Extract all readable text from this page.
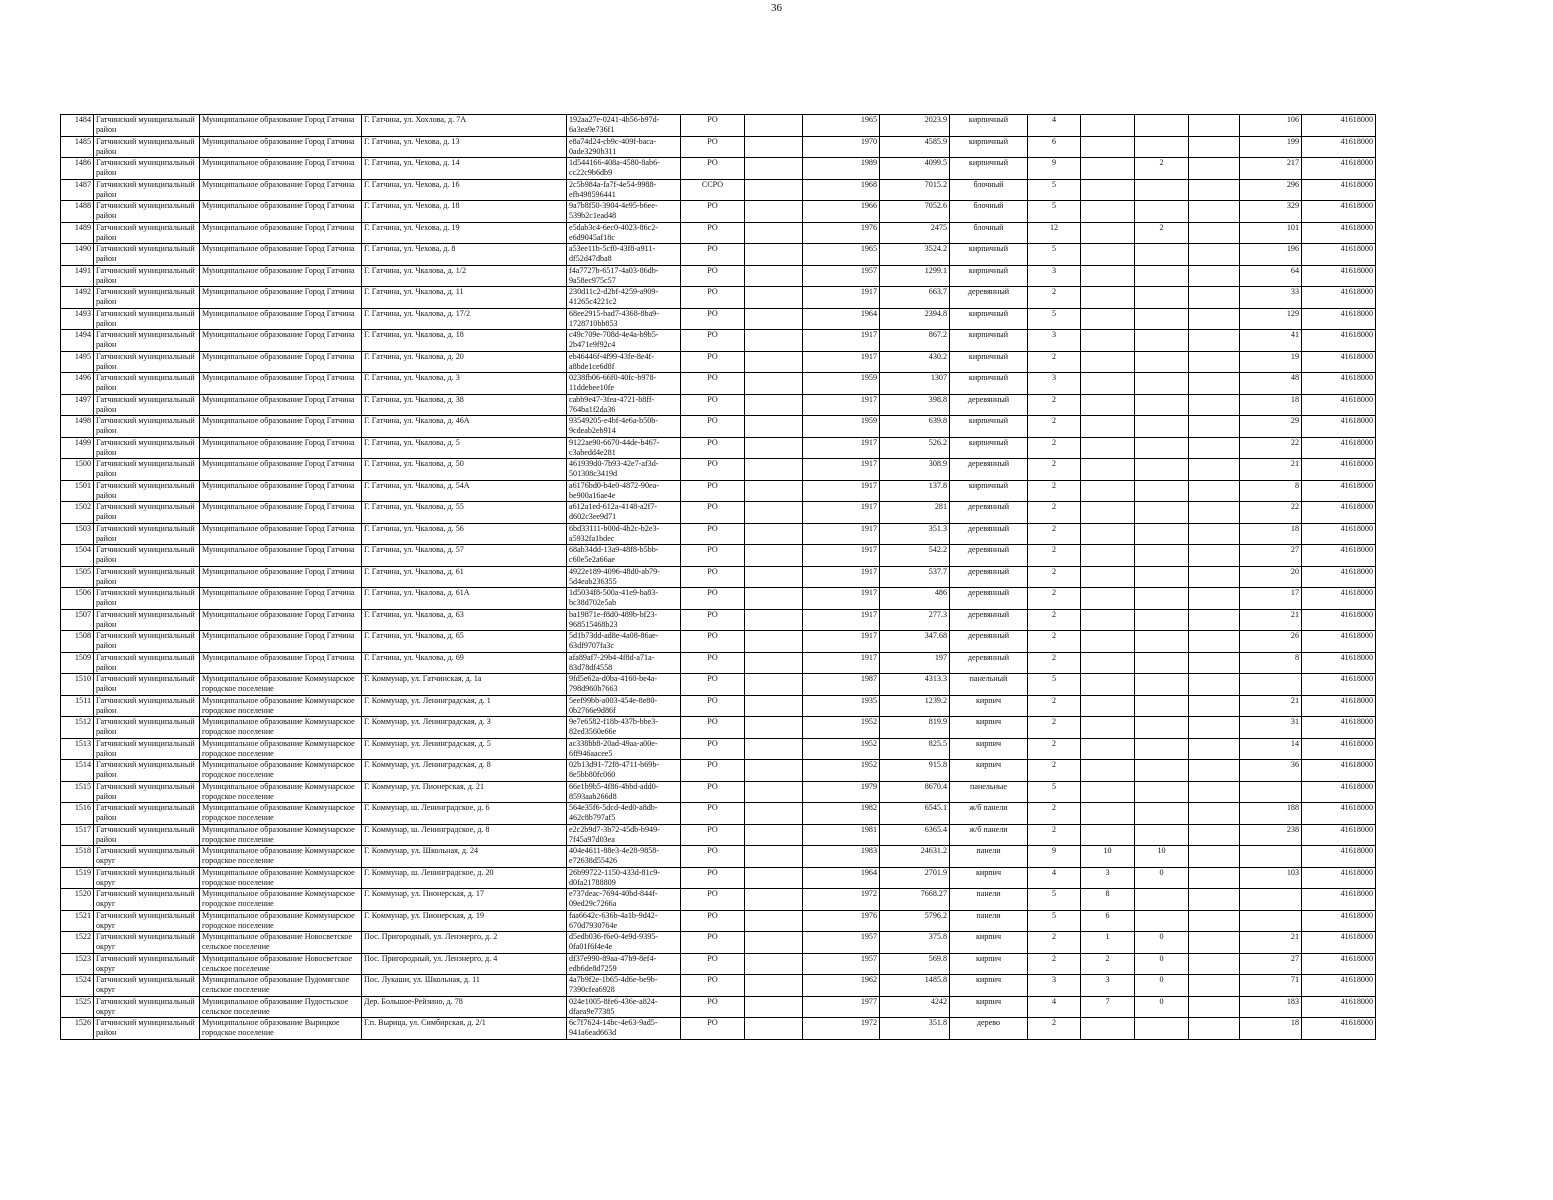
36
1484	Гатчинский муниципальный район	Муниципальное образование Город Гатчина	Г. Гатчина, ул. Хохлова, д. 7А	192aa27e-0241-4b56-b97d-6a3ea9e736f1	РО		1965	2023.9	кирпичный	4				106	41618000
1485	Гатчинский муниципальный район	Муниципальное образование Город Гатчина	Г. Гатчина, ул. Чехова, д. 13	e8a74d24-cb9c-409f-baca-0ade3290b311	РО		1970	4585.9	кирпичный	6				199	41618000
1486	Гатчинский муниципальный район	Муниципальное образование Город Гатчина	Г. Гатчина, ул. Чехова, д. 14	1d544166-408a-4580-8ab6-cc22c9b6db9	РО		1989	4099.5	кирпичный	9		2		217	41618000
1487	Гатчинский муниципальный район	Муниципальное образование Город Гатчина	Г. Гатчина, ул. Чехова, д. 16	2c5b984a-fa7f-4e54-9988-efb498596441	ССРО		1968	7015.2	блочный	5				296	41618000
1488	Гатчинский муниципальный район	Муниципальное образование Город Гатчина	Г. Гатчина, ул. Чехова, д. 18	9a7b8f50-3904-4e95-b6ee-539b2c1ead48	РО		1966	7052.6	блочный	5				329	41618000
1489	Гатчинский муниципальный район	Муниципальное образование Город Гатчина	Г. Гатчина, ул. Чехова, д. 19	e5dab3c4-6ec0-4023-86c2-e6d9045af18c	РО		1976	2475	блочный	12		2		101	41618000
1490	Гатчинский муниципальный район	Муниципальное образование Город Гатчина	Г. Гатчина, ул. Чехова, д. 8	a53ee11b-5cf0-43f8-a911-df52d47dba8	РО		1965	3524.2	кирпичный	5				196	41618000
1491	Гатчинский муниципальный район	Муниципальное образование Город Гатчина	Г. Гатчина, ул. Чкалова, д. 1/2	f4a7727b-6517-4a03-86db-9a58ec975c57	РО		1957	1299.1	кирпичный	3				64	41618000
1492	Гатчинский муниципальный район	Муниципальное образование Город Гатчина	Г. Гатчина, ул. Чкалова, д. 11	230d11c2-d2bf-4259-a909-41265c4221c2	РО		1917	663.7	деревянный	2				33	41618000
1493	Гатчинский муниципальный район	Муниципальное образование Город Гатчина	Г. Гатчина, ул. Чкалова, д. 17/2	68ee2915-bad7-4368-8ba9-1728710bb853	РО		1964	2394.8	кирпичный	5				129	41618000
1494	Гатчинский муниципальный район	Муниципальное образование Город Гатчина	Г. Гатчина, ул. Чкалова, д. 18	c49c709e-708d-4e4a-b9b5-2b471e9f92c4	РО		1917	867.2	кирпичный	3				41	41618000
1495	Гатчинский муниципальный район	Муниципальное образование Город Гатчина	Г. Гатчина, ул. Чкалова, д. 20	eb46446f-4f99-43fe-8e4f-a8bde1ce6d8f	РО		1917	430.2	кирпичный	2				19	41618000
1496	Гатчинский муниципальный район	Муниципальное образование Город Гатчина	Г. Гатчина, ул. Чкалова, д. 3	0238fb06-66f0-40fc-b978-11ddebee10fe	РО		1959	1307	кирпичный	3				48	41618000
1497	Гатчинский муниципальный район	Муниципальное образование Город Гатчина	Г. Гатчина, ул. Чкалова, д. 38	cabb9e47-3fea-4721-b8ff-764ba1f2da36	РО		1917	398.8	деревянный	2				18	41618000
1498	Гатчинский муниципальный район	Муниципальное образование Город Гатчина	Г. Гатчина, ул. Чкалова, д. 46А	93549205-e4bf-4e6a-b50b-9cdeab2eb914	РО		1959	639.8	кирпичный	2				29	41618000
1499	Гатчинский муниципальный район	Муниципальное образование Город Гатчина	Г. Гатчина, ул. Чкалова, д. 5	9122ae90-6670-44de-b467-c3abedd4e281	РО		1917	526.2	кирпичный	2				22	41618000
1500	Гатчинский муниципальный район	Муниципальное образование Город Гатчина	Г. Гатчина, ул. Чкалова, д. 50	461939d0-7b93-42e7-af3d-501308c3419d	РО		1917	308.9	деревянный	2				21	41618000
1501	Гатчинский муниципальный район	Муниципальное образование Город Гатчина	Г. Гатчина, ул. Чкалова, д. 54А	a6176bd0-b4e0-4872-90ea-be900a16ae4e	РО		1917	137.8	кирпичный	2				8	41618000
1502	Гатчинский муниципальный район	Муниципальное образование Город Гатчина	Г. Гатчина, ул. Чкалова, д. 55	a612a1ed-612a-4148-a2f7-d602c3ee9d71	РО		1917	281	деревянный	2				22	41618000
1503	Гатчинский муниципальный район	Муниципальное образование Город Гатчина	Г. Гатчина, ул. Чкалова, д. 56	6bd33111-b00d-4b2c-b2e3-a5932fa1bdec	РО		1917	351.3	деревянный	2				18	41618000
1504	Гатчинский муниципальный район	Муниципальное образование Город Гатчина	Г. Гатчина, ул. Чкалова, д. 57	68ab34dd-13a9-48f8-b5bb-c60e5e2a66ae	РО		1917	542.2	деревянный	2				27	41618000
1505	Гатчинский муниципальный район	Муниципальное образование Город Гатчина	Г. Гатчина, ул. Чкалова, д. 61	4922e189-4096-48d0-ab79-5d4eab236355	РО		1917	537.7	деревянный	2				20	41618000
1506	Гатчинский муниципальный район	Муниципальное образование Город Гатчина	Г. Гатчина, ул. Чкалова, д. 61А	1d5034f8-500a-41e9-ba83-bc38d702e5ab	РО		1917	486	деревянный	2				17	41618000
1507	Гатчинский муниципальный район	Муниципальное образование Город Гатчина	Г. Гатчина, ул. Чкалова, д. 63	ba19871e-f8d0-489b-bf23-968515468b23	РО		1917	277.3	деревянный	2				21	41618000
1508	Гатчинский муниципальный район	Муниципальное образование Город Гатчина	Г. Гатчина, ул. Чкалова, д. 65	5d1b73dd-ad8e-4a08-86ae-63df9707fa3c	РО		1917	347.68	деревянный	2				26	41618000
1509	Гатчинский муниципальный район	Муниципальное образование Город Гатчина	Г. Гатчина, ул. Чкалова, д. 69	afa89af7-29b4-4f8d-a71a-83d78df4558	РО		1917	197	деревянный	2				8	41618000
1510	Гатчинский муниципальный район	Муниципальное образование Коммунарское городское поселение	Г. Коммунар, ул. Гатчинская, д. 1а	9fd5e62a-d0ba-4160-be4a-798d960b7663	РО		1987	4313.3	панельный	5					41618000
1511	Гатчинский муниципальный район	Муниципальное образование Коммунарское городское поселение	Г. Коммунар, ул. Ленинградская, д. 1	5eef99bb-a003-454e-8e80-0b2766e9d86f	РО		1935	1239.2	кирпич	2				21	41618000
1512	Гатчинский муниципальный район	Муниципальное образование Коммунарское городское поселение	Г. Коммунар, ул. Ленинградская, д. 3	9e7e6582-f18b-437b-bbe3-82ed3560e66e	РО		1952	819.9	кирпич	2				31	41618000
1513	Гатчинский муниципальный район	Муниципальное образование Коммунарское городское поселение	Г. Коммунар, ул. Ленинградская, д. 5	ac338bb8-20ad-49aa-a00e-6ff946aacee5	РО		1952	825.5	кирпич	2				14	41618000
1514	Гатчинский муниципальный район	Муниципальное образование Коммунарское городское поселение	Г. Коммунар, ул. Ленинградская, д. 8	02b13d91-72f8-4711-b69b-8e5bb80fc060	РО		1952	915.8	кирпич	2				36	41618000
1515	Гатчинский муниципальный район	Муниципальное образование Коммунарское городское поселение	Г. Коммунар, ул. Пионерская, д. 21	66e1b9b5-4f86-4bbd-add0-8593aab266d8	РО		1979	8670.4	панельные	5					41618000
1516	Гатчинский муниципальный район	Муниципальное образование Коммунарское городское поселение	Г. Коммунар, ш. Ленинградское, д. 6	564e35f6-5dcd-4ed0-a8db-462c8b797af5	РО		1982	6545.1	ж/б панели	2				188	41618000
1517	Гатчинский муниципальный район	Муниципальное образование Коммунарское городское поселение	Г. Коммунар, ш. Ленинградское, д. 8	e2c2b9d7-3b72-45db-b949-7f45a97d03ea	РО		1981	6365.4	ж/б панели	2				238	41618000
1518	Гатчинский муниципальный округ	Муниципальное образование Коммунарское городское поселение	Г. Коммунар, ул. Школьная, д. 24	404e4611-88e3-4e28-9858-e72638d55426	РО		1983	24631.2	панели	9	10	10			41618000
1519	Гатчинский муниципальный округ	Муниципальное образование Коммунарское городское поселение	Г. Коммунар, ш. Ленинградское, д. 20	26b99722-1150-433d-81c9-d0fa21788809	РО		1964	2701.9	кирпич	4	3	0		103	41618000
1520	Гатчинский муниципальный округ	Муниципальное образование Коммунарское городское поселение	Г. Коммунар, ул. Пионерская, д. 17	e737deac-7694-40bd-844f-09ed29c7266a	РО		1972	7668.27	панели	5	8				41618000
1521	Гатчинский муниципальный округ	Муниципальное образование Коммунарское городское поселение	Г. Коммунар, ул. Пионерская, д. 19	faa6642c-636b-4a1b-9d42-670d7930764e	РО		1976	5796.2	панели	5	6				41618000
1522	Гатчинский муниципальный округ	Муниципальное образование Новосветское сельское поселение	Пос. Пригородный, ул. Ленэнерго, д. 2	d5edb036-f6e0-4e9d-9395-0fa01f6f4e4e	РО		1957	375.8	кирпич	2	1	0		21	41618000
1523	Гатчинский муниципальный округ	Муниципальное образование Новосветское сельское поселение	Пос. Пригородный, ул. Ленэнерго, д. 4	df37e990-89aa-47b9-8ef4-edb6de8d7259	РО		1957	569.8	кирпич	2	2	0		27	41618000
1524	Гатчинский муниципальный округ	Муниципальное образование Пудомягское сельское поселение	Пос. Лукаши, ул. Школьная, д. 11	4a7b9f2e-1b65-4d6e-be9b-7390cfea6928	РО		1962	1485.8	кирпич	3	3	0		71	41618000
1525	Гатчинский муниципальный округ	Муниципальное образование Пудостьское сельское поселение	Дер. Большое-Рейзино, д. 78	024e1005-8fe6-436e-a824-dfaea9e77385	РО		1977	4242	кирпич	4	7	0		183	41618000
1526	Гатчинский муниципальный район	Муниципальное образование Вырицкое городское поселение	Г.п. Вырица, ул. Симбирская, д. 2/1	6c7f7624-14bc-4e63-9ad5-941a6ead663d	РО		1972	351.8	дерево	2				18	41618000
